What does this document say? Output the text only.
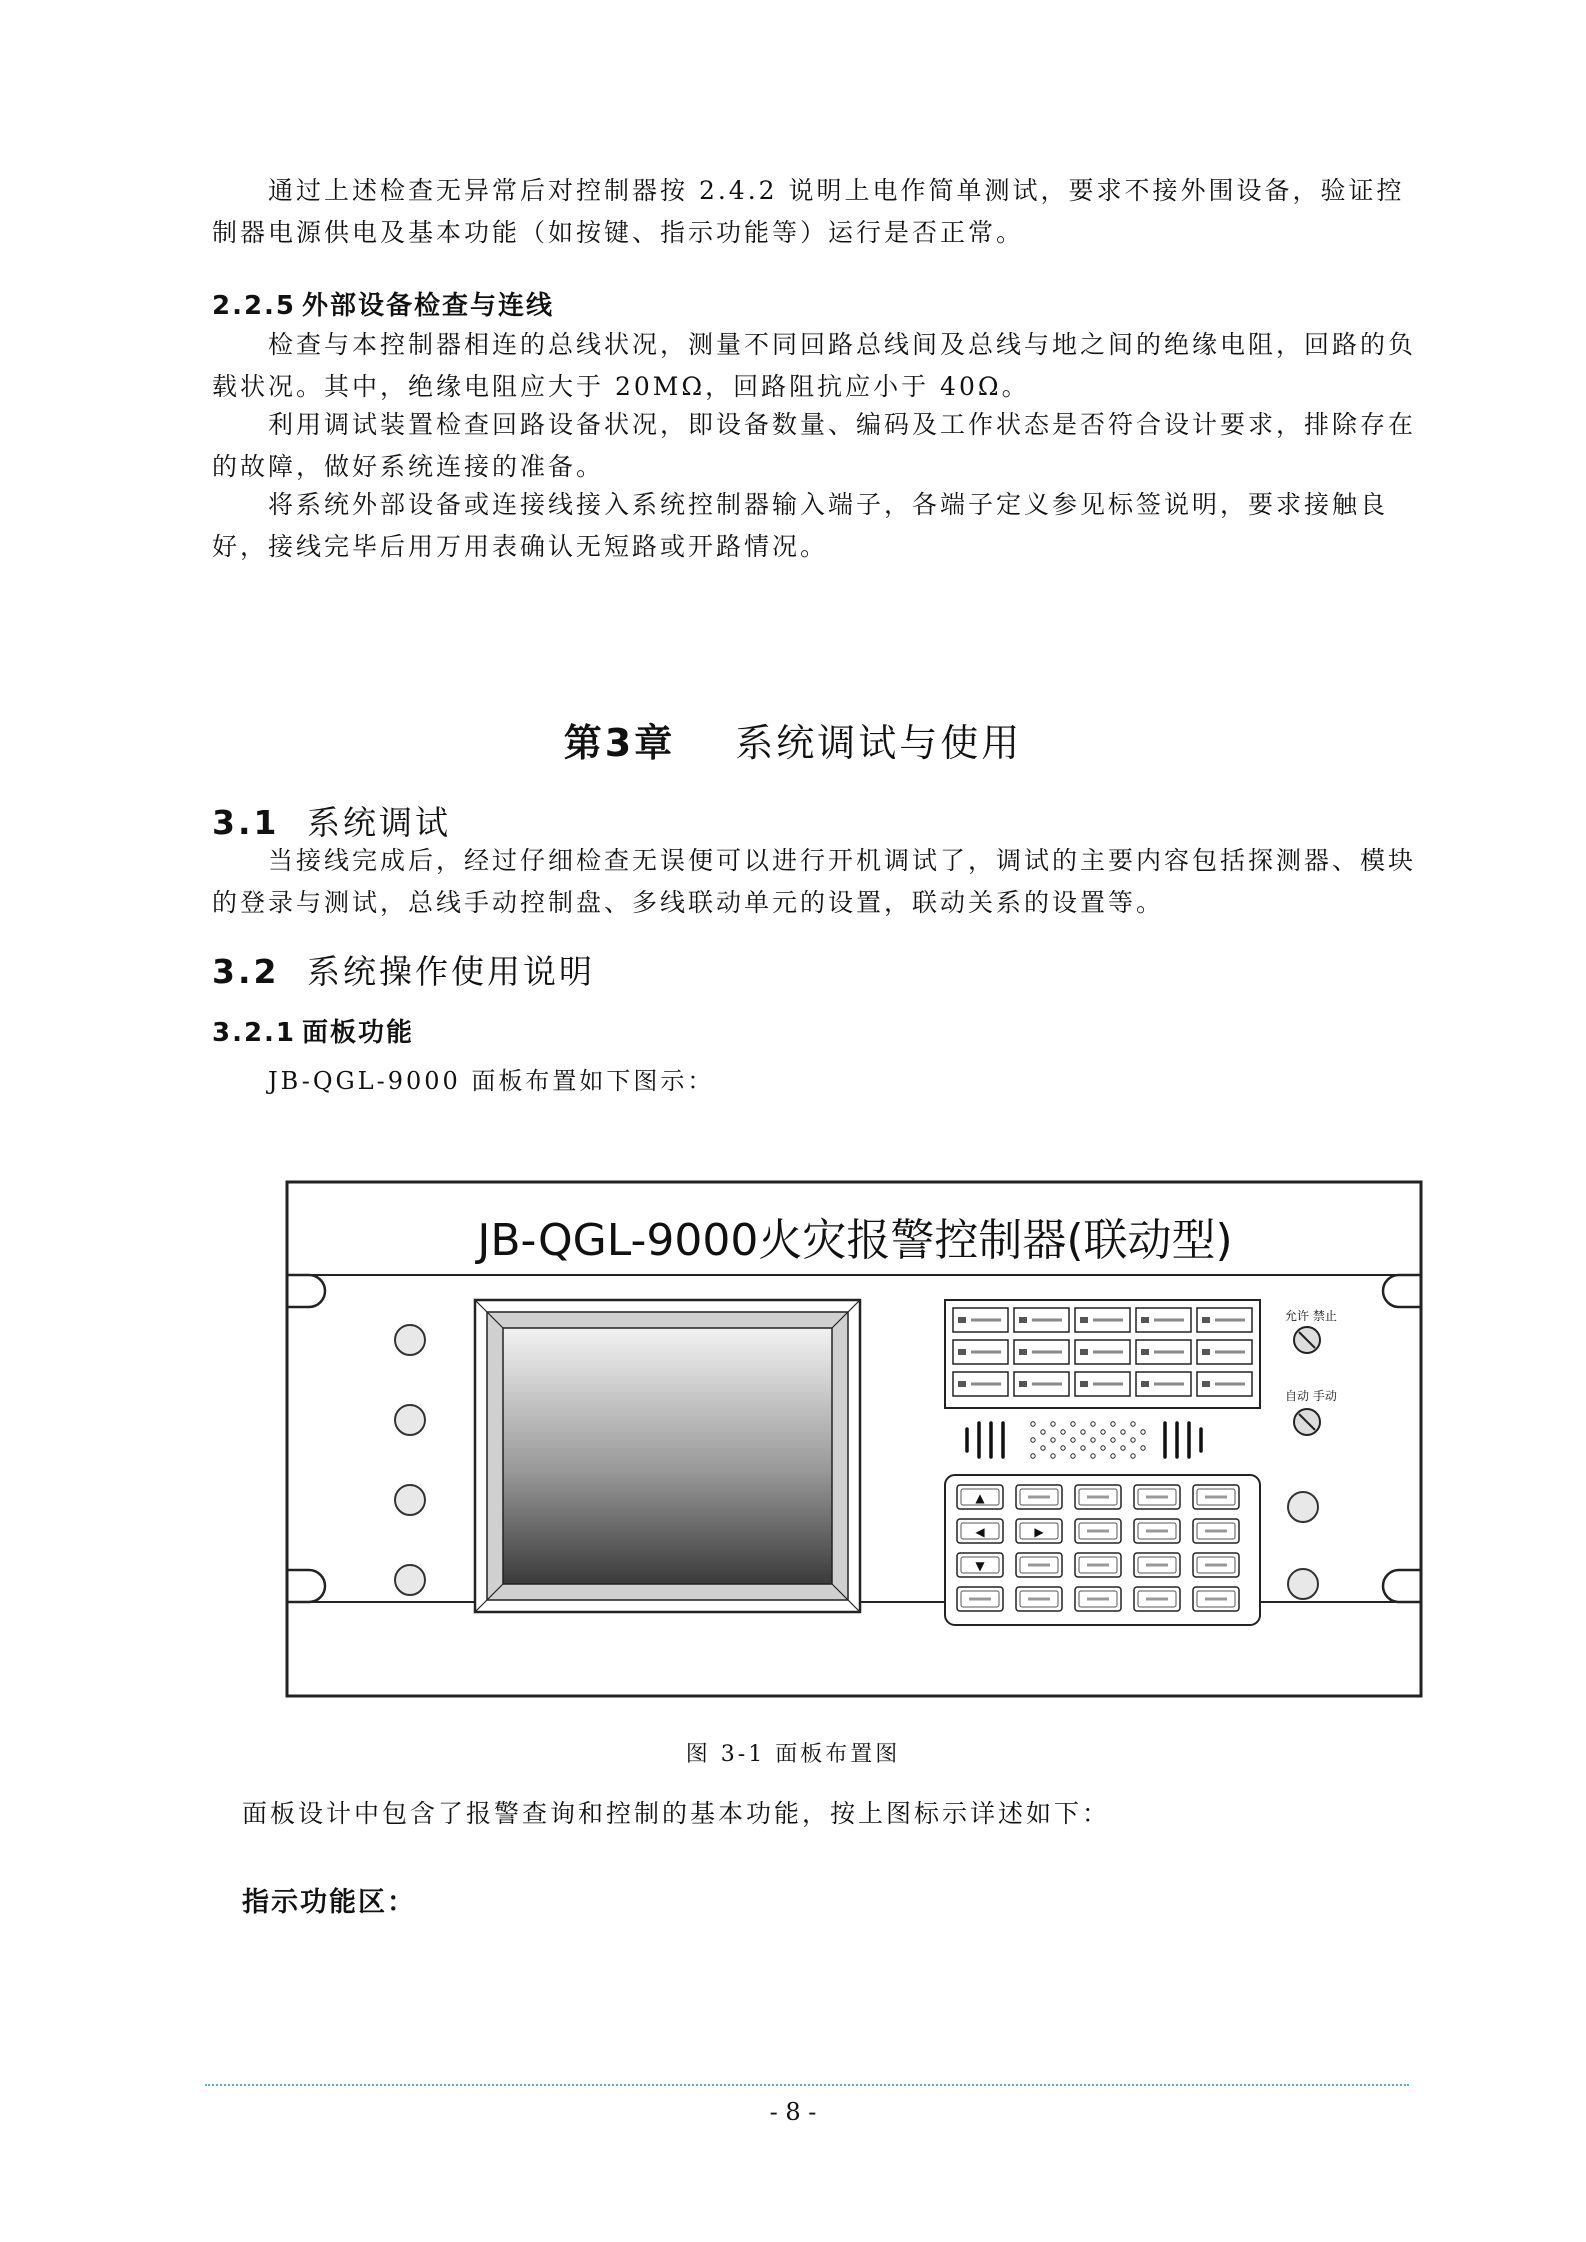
通过上述检查无异常后对控制器按 2.4.2 说明上电作简单测试，要求不接外围设备，验证控制器电源供电及基本功能（如按键、指示功能等）运行是否正常。

2.2.5 外部设备检查与连线

检查与本控制器相连的总线状况，测量不同回路总线间及总线与地之间的绝缘电阻，回路的负载状况。其中，绝缘电阻应大于 20MΩ，回路阻抗应小于 40Ω。

利用调试装置检查回路设备状况，即设备数量、编码及工作状态是否符合设计要求，排除存在的故障，做好系统连接的准备。

将系统外部设备或连接线接入系统控制器输入端子，各端子定义参见标签说明，要求接触良好，接线完毕后用万用表确认无短路或开路情况。

第3章 系统调试与使用
3.1 系统调试

当接线完成后，经过仔细检查无误便可以进行开机调试了，调试的主要内容包括探测器、模块的登录与测试，总线手动控制盘、多线联动单元的设置，联动关系的设置等。

3.2 系统操作使用说明
3.2.1 面板功能

JB-QGL-9000 面板布置如下图示：

JB-QGL-9000火灾报警控制器(联动型)
▲
◀	▶
▼
允许 禁止
自动 手动
图 3-1 面板布置图

面板设计中包含了报警查询和控制的基本功能，按上图标示详述如下：

指示功能区：
- 8 -
